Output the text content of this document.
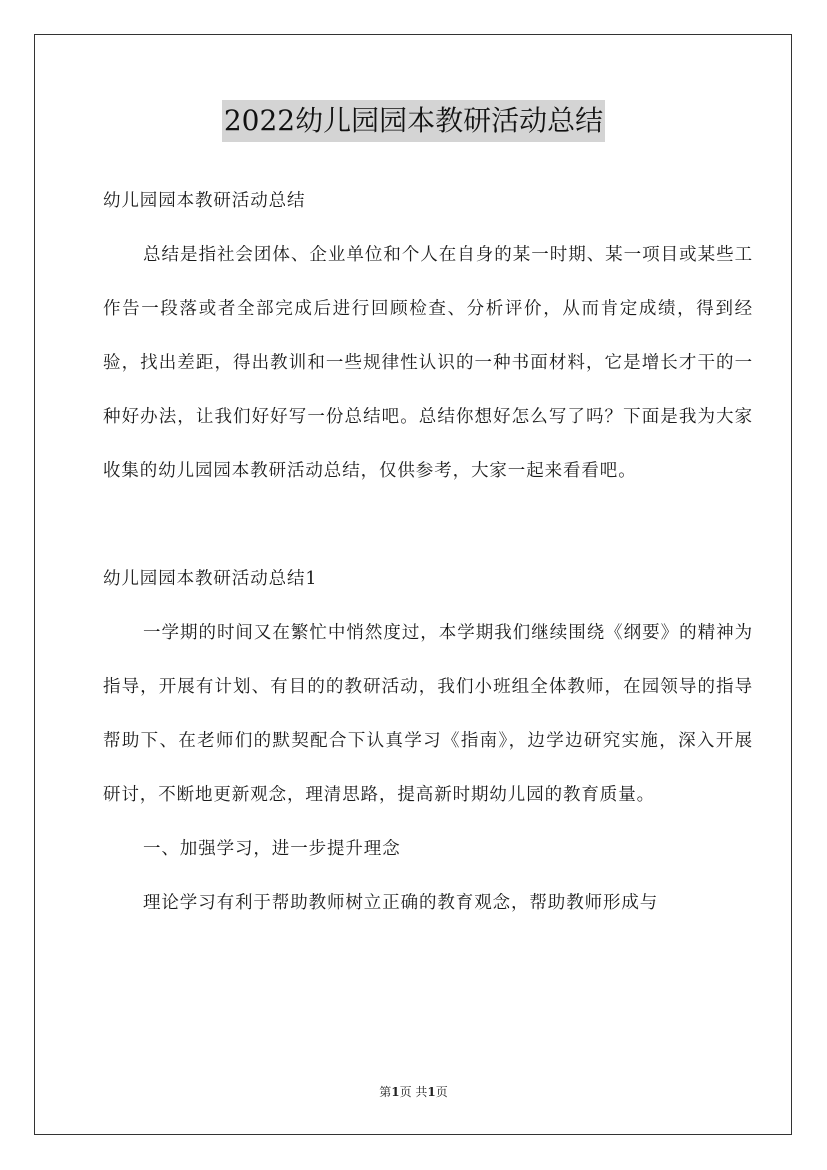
2022幼儿园园本教研活动总结

幼儿园园本教研活动总结

总结是指社会团体、企业单位和个人在自身的某一时期、某一项目或某些工作告一段落或者全部完成后进行回顾检查、分析评价，从而肯定成绩，得到经验，找出差距，得出教训和一些规律性认识的一种书面材料，它是增长才干的一种好办法，让我们好好写一份总结吧。总结你想好怎么写了吗？下面是我为大家收集的幼儿园园本教研活动总结，仅供参考，大家一起来看看吧。

幼儿园园本教研活动总结1

一学期的时间又在繁忙中悄然度过，本学期我们继续围绕《纲要》的精神为指导，开展有计划、有目的的教研活动，我们小班组全体教师，在园领导的指导帮助下、在老师们的默契配合下认真学习《指南》，边学边研究实施，深入开展研讨，不断地更新观念，理清思路，提高新时期幼儿园的教育质量。

一、加强学习，进一步提升理念

理论学习有利于帮助教师树立正确的教育观念，帮助教师形成与

第1页 共1页
